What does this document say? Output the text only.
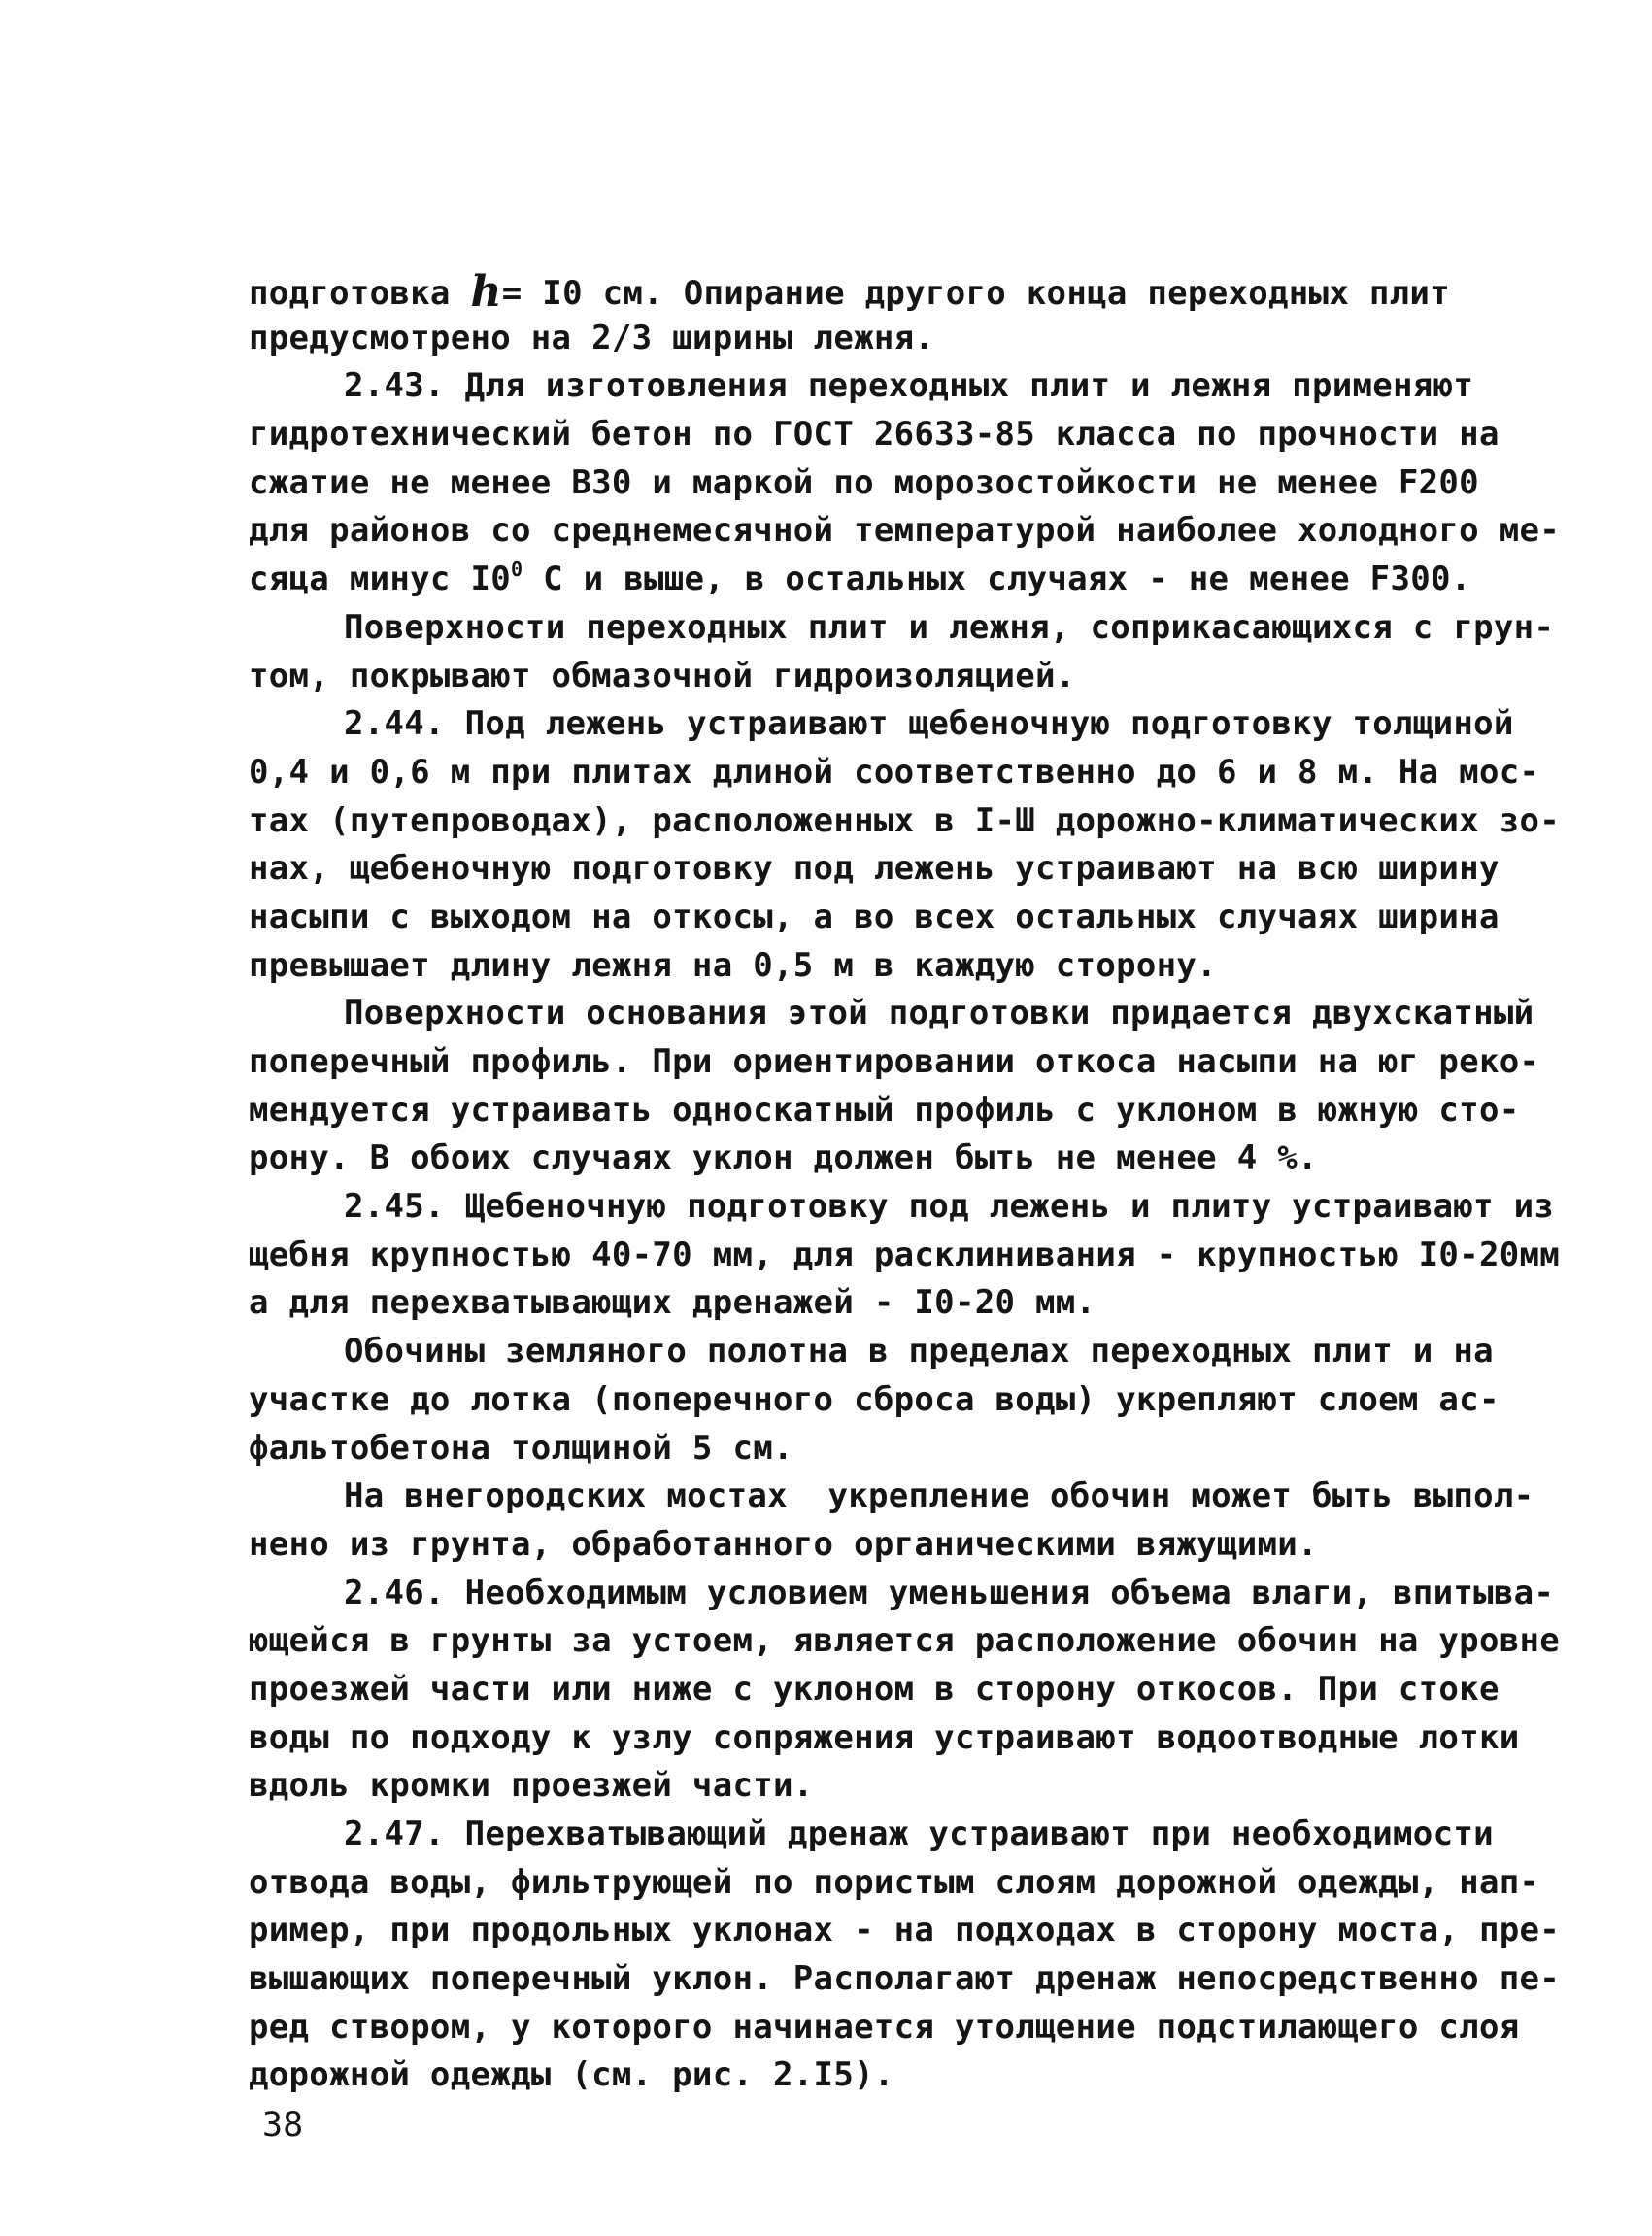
подготовка h= I0 см. Опирание другого конца переходных плит
предусмотрено на 2/3 ширины лежня.
2.43. Для изготовления переходных плит и лежня применяют
гидротехнический бетон по ГОСТ 26633-85 класса по прочности на
сжатие не менее В30 и маркой по морозостойкости не менее F200
для районов со среднемесячной температурой наиболее холодного ме-
сяца минус $I0^0$ С и выше, в остальных случаях - не менее F300.
Поверхности переходных плит и лежня, соприкасающихся с грун-
том, покрывают обмазочной гидроизоляцией.
2.44. Под лежень устраивают щебеночную подготовку толщиной
0,4 и 0,6 м при плитах длиной соответственно до 6 и 8 м. На мос-
тах (путепроводах), расположенных в I-Ш дорожно-климатических зо-
нах, щебеночную подготовку под лежень устраивают на всю ширину
насыпи с выходом на откосы, а во всех остальных случаях ширина
превышает длину лежня на 0,5 м в каждую сторону.
Поверхности основания этой подготовки придается двухскатный
поперечный профиль. При ориентировании откоса насыпи на юг реко-
мендуется устраивать односкатный профиль с уклоном в южную сто-
рону. В обоих случаях уклон должен быть не менее 4 %.
2.45. Щебеночную подготовку под лежень и плиту устраивают из
щебня крупностью 40-70 мм, для расклинивания - крупностью I0-20мм
а для перехватывающих дренажей - I0-20 мм.
Обочины земляного полотна в пределах переходных плит и на
участке до лотка (поперечного сброса воды) укрепляют слоем ас-
фальтобетона толщиной 5 см.
На внегородских мостах  укрепление обочин может быть выпол-
нено из грунта, обработанного органическими вяжущими.
2.46. Необходимым условием уменьшения объема влаги, впитыва-
ющейся в грунты за устоем, является расположение обочин на уровне
проезжей части или ниже с уклоном в сторону откосов. При стоке
воды по подходу к узлу сопряжения устраивают водоотводные лотки
вдоль кромки проезжей части.
2.47. Перехватывающий дренаж устраивают при необходимости
отвода воды, фильтрующей по пористым слоям дорожной одежды, нап-
ример, при продольных уклонах - на подходах в сторону моста, пре-
вышающих поперечный уклон. Располагают дренаж непосредственно пе-
ред створом, у которого начинается утолщение подстилающего слоя
дорожной одежды (см. рис. 2.I5).
38
